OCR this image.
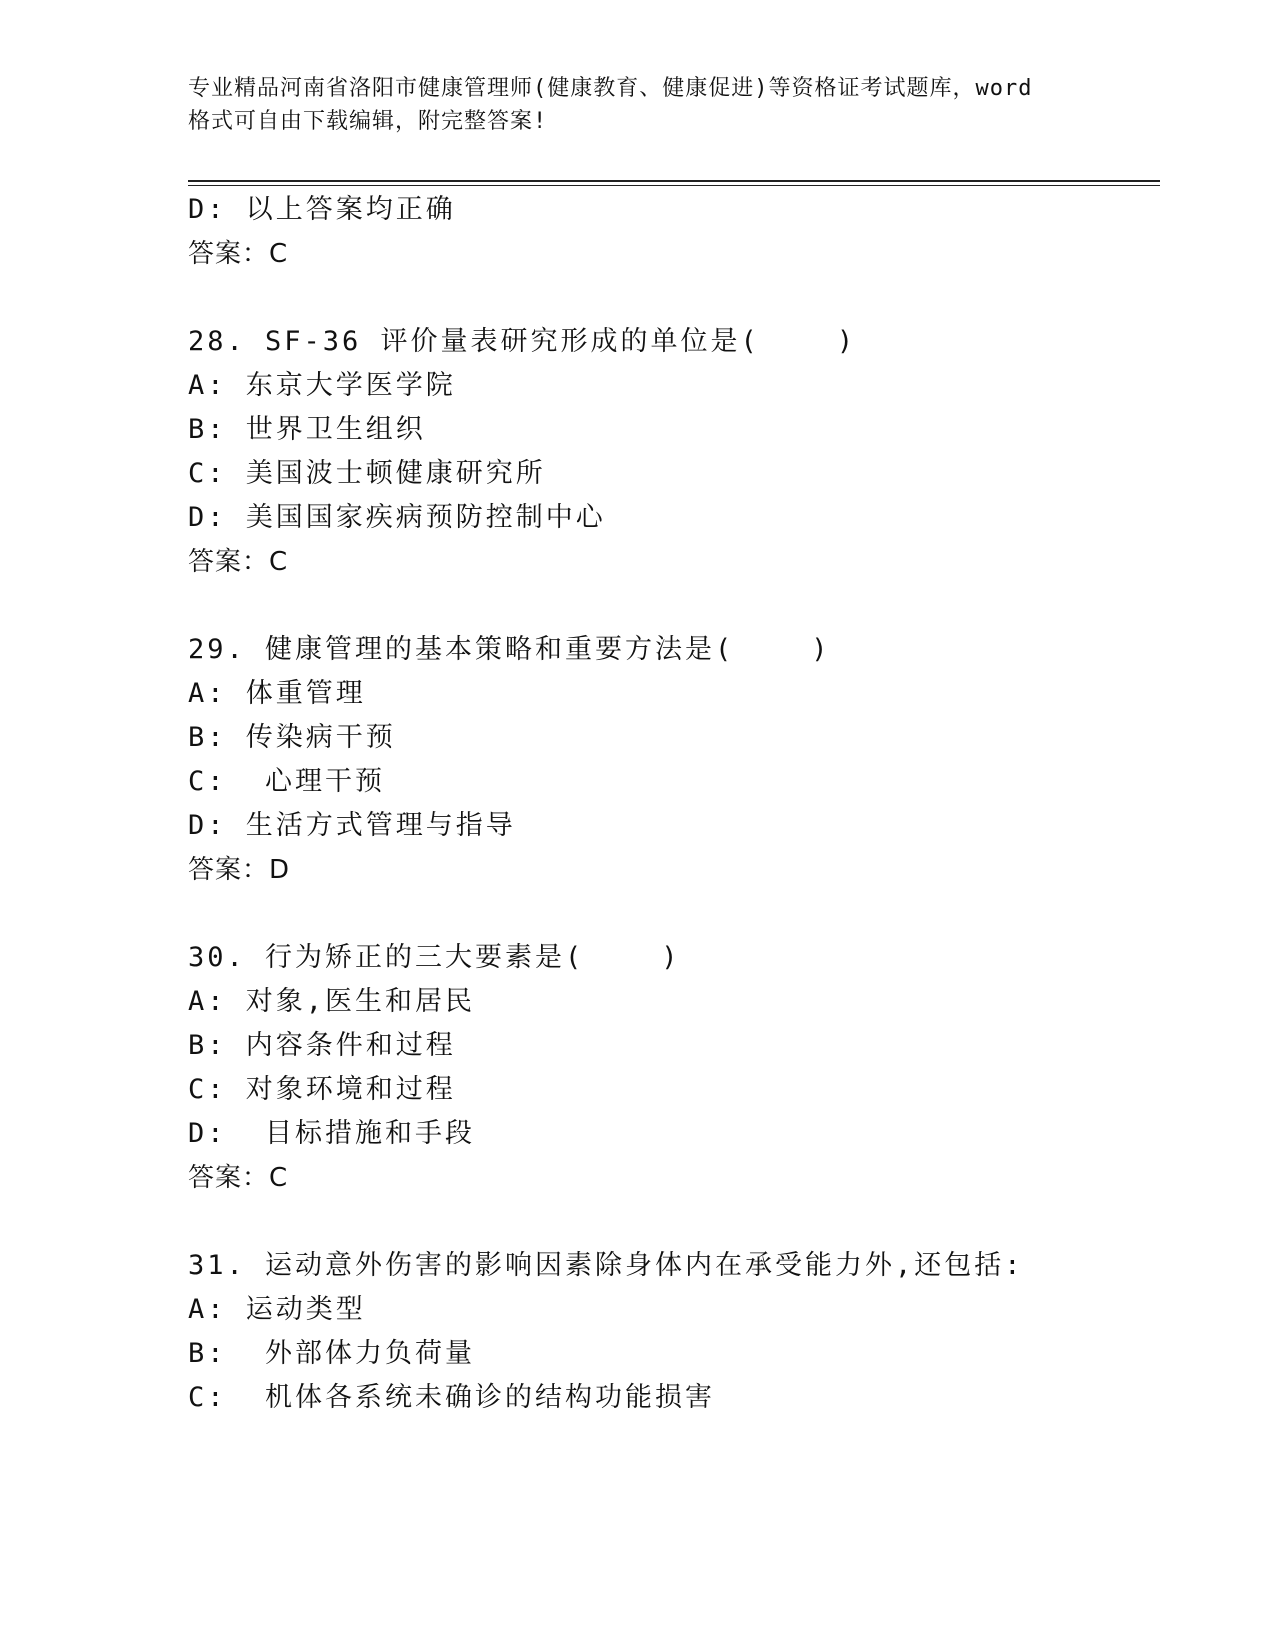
专业精品河南省洛阳市健康管理师(健康教育、健康促进)等资格证考试题库，word
格式可自由下载编辑，附完整答案!
D: 以上答案均正确
答案：C
28. SF-36 评价量表研究形成的单位是(    )
A: 东京大学医学院
B: 世界卫生组织
C: 美国波士顿健康研究所
D: 美国国家疾病预防控制中心
答案：C
29. 健康管理的基本策略和重要方法是(    )
A: 体重管理
B: 传染病干预
C:  心理干预
D: 生活方式管理与指导
答案：D
30. 行为矫正的三大要素是(    )
A: 对象,医生和居民
B: 内容条件和过程
C: 对象环境和过程
D:  目标措施和手段
答案：C
31. 运动意外伤害的影响因素除身体内在承受能力外,还包括:
A: 运动类型
B:  外部体力负荷量
C:  机体各系统未确诊的结构功能损害
